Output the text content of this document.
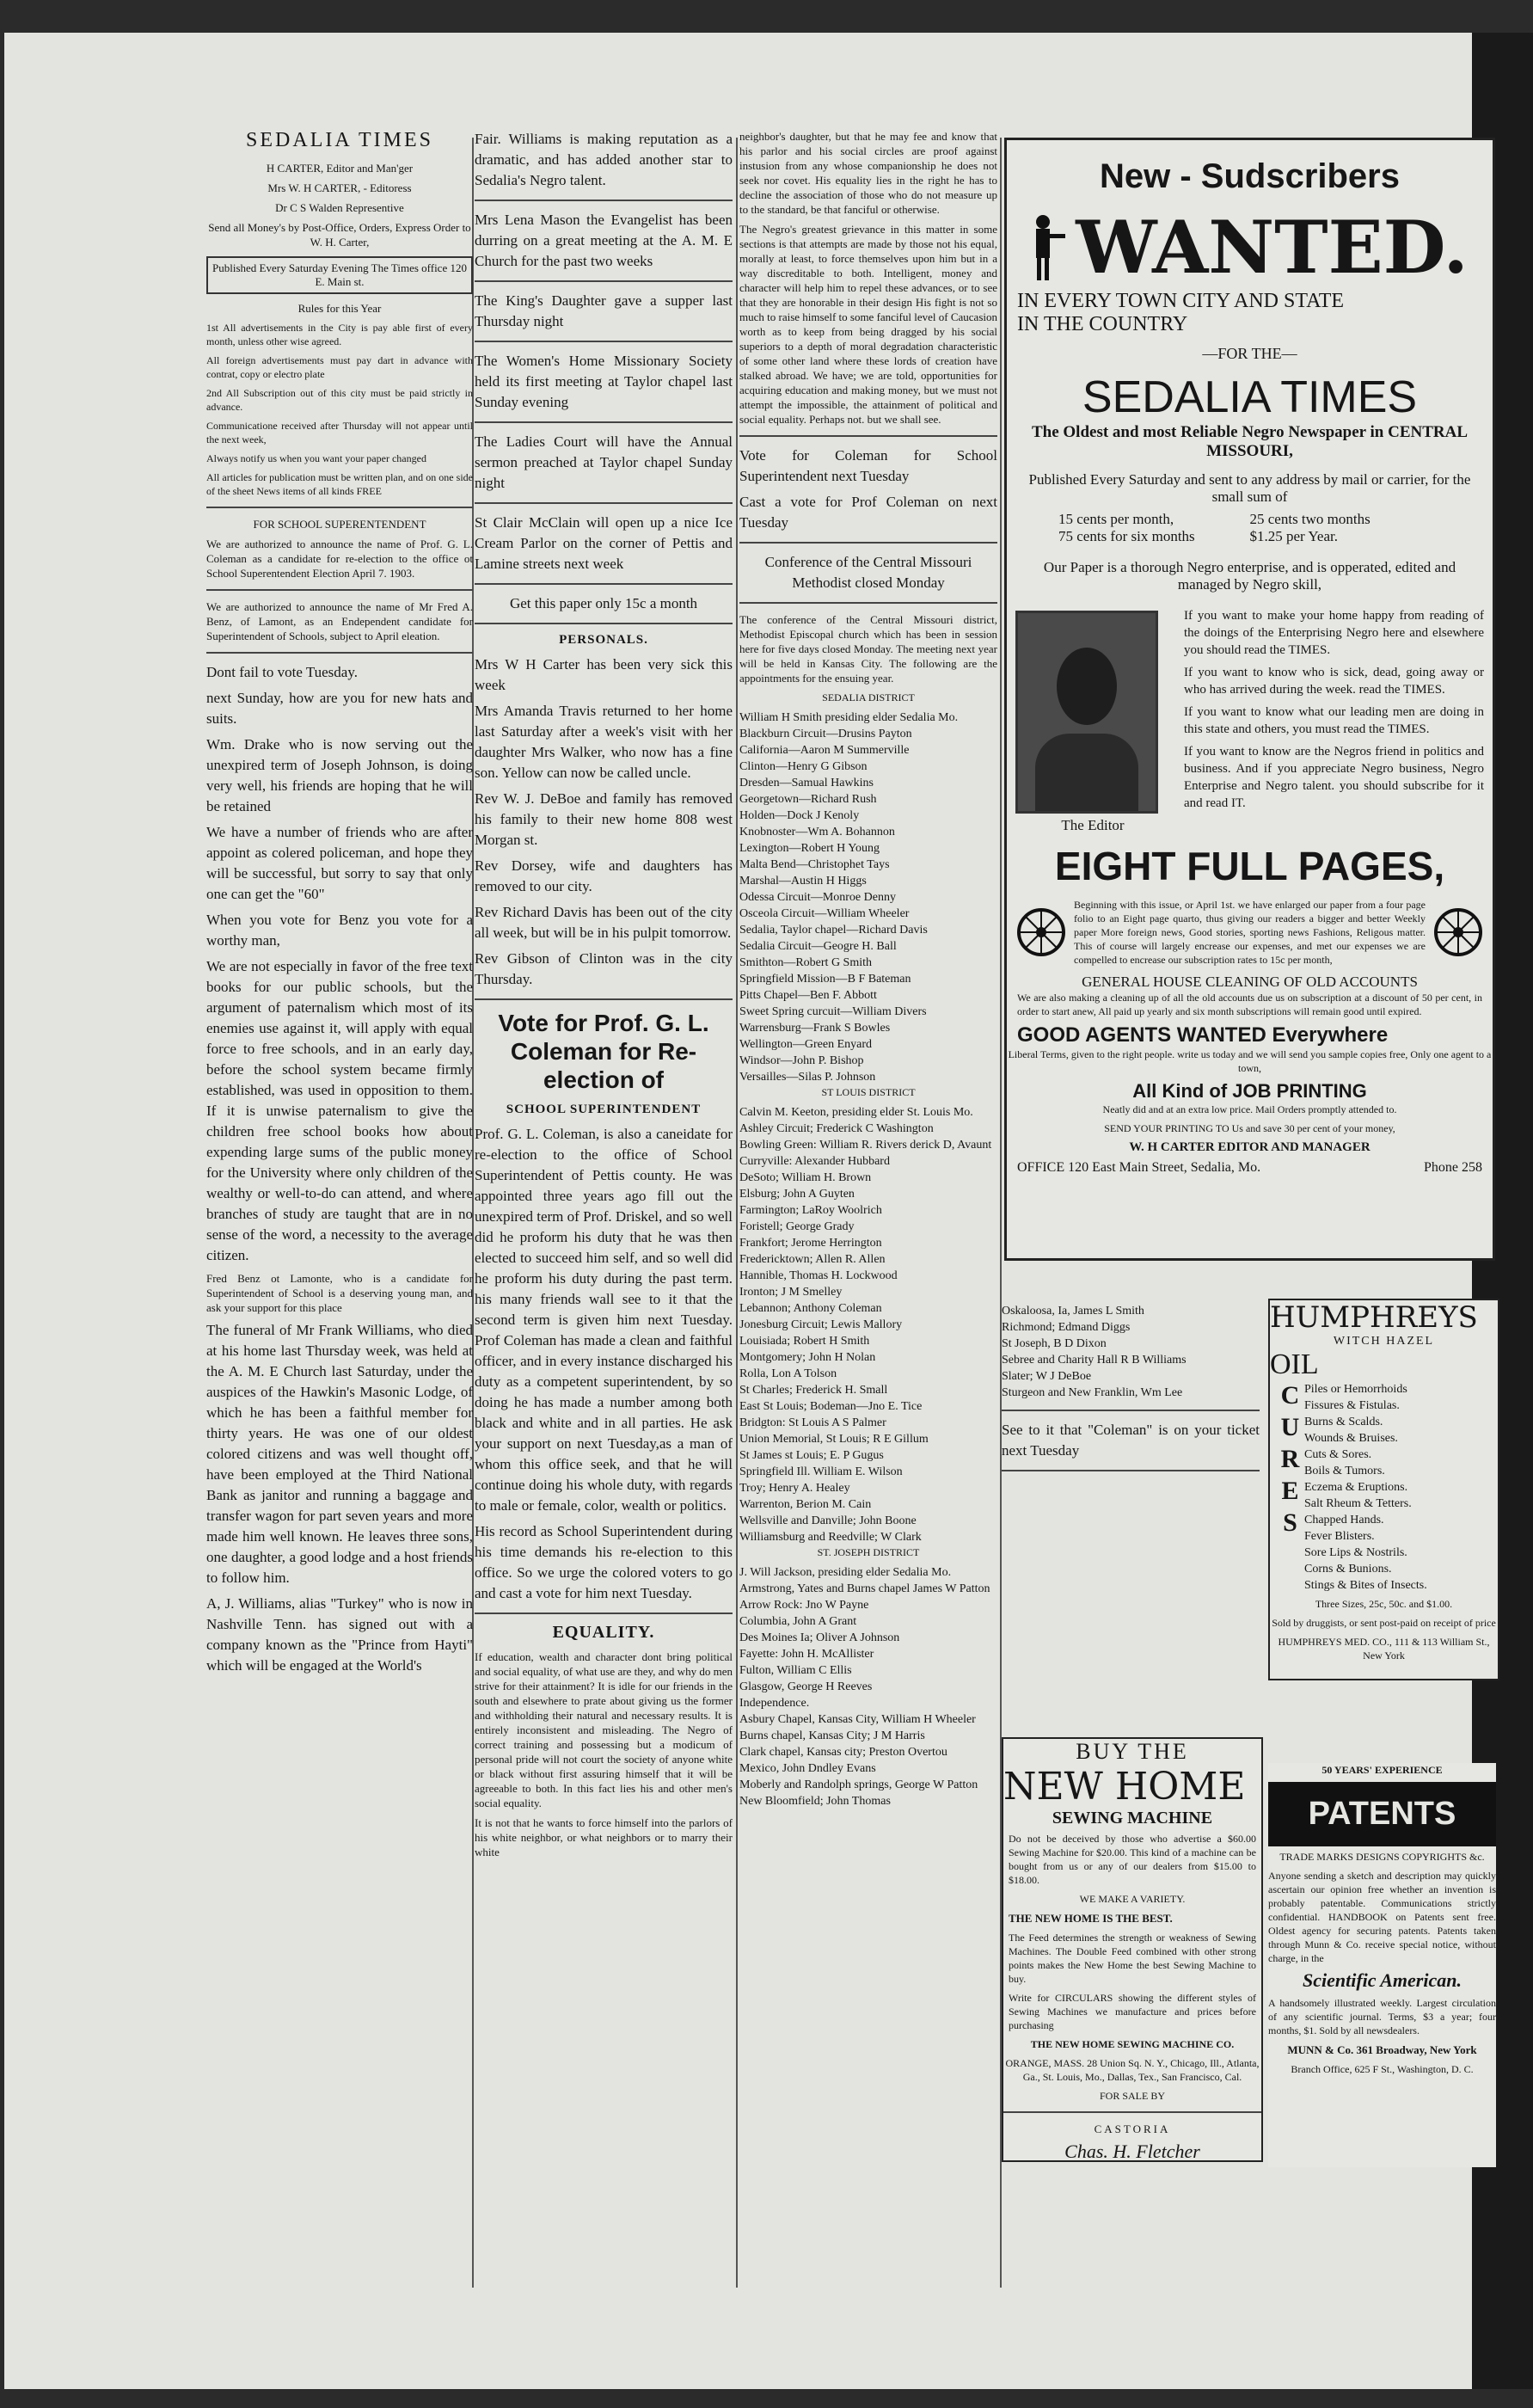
SEDALIA TIMES

H CARTER, Editor and Man'ger

Mrs W. H CARTER, - Editoress

Dr C S Walden Representive

Send all Money's by Post-Office, Orders, Express Order to W. H. Carter,

Published Every Saturday Evening The Times office 120 E. Main st.

Rules for this Year

1st All advertisements in the City is pay able first of every month, unless other wise agreed.

All foreign advertisements must pay dart in advance with contrat, copy or electro plate

2nd All Subscription out of this city must be paid strictly in advance.

Communicatione received after Thursday will not appear until the next week,

Always notify us when you want your paper changed

All articles for publication must be written plan, and on one side of the sheet News items of all kinds FREE

FOR SCHOOL SUPERENTENDENT

We are authorized to announce the name of Prof. G. L. Coleman as a candidate for re-election to the office ot School Superentendent Election April 7. 1903.

We are authorized to announce the name of Mr Fred A. Benz, of Lamont, as an Endependent candidate for Superintendent of Schools, subject to April eleation.

Dont fail to vote Tuesday.

next Sunday, how are you for new hats and suits.

Wm. Drake who is now serving out the unexpired term of Joseph Johnson, is doing very well, his friends are hoping that he will be retained

We have a number of friends who are after appoint as colered policeman, and hope they will be successful, but sorry to say that only one can get the "60"

When you vote for Benz you vote for a worthy man,

We are not especially in favor of the free text books for our public schools, but the argument of paternalism which most of its enemies use against it, will apply with equal force to free schools, and in an early day, before the school system became firmly established, was used in opposition to them. If it is unwise paternalism to give the children free school books how about expending large sums of the public money for the University where only children of the wealthy or well-to-do can attend, and where branches of study are taught that are in no sense of the word, a necessity to the average citizen.

Fred Benz ot Lamonte, who is a candidate for Superintendent of School is a deserving young man, and ask your support for this place

The funeral of Mr Frank Williams, who died at his home last Thursday week, was held at the A. M. E Church last Saturday, under the auspices of the Hawkin's Masonic Lodge, of which he has been a faithful member for thirty years. He was one of our oldest colored citizens and was well thought off, have been employed at the Third National Bank as janitor and running a baggage and transfer wagon for part seven years and more made him well known. He leaves three sons, one daughter, a good lodge and a host friends to follow him.

A, J. Williams, alias "Turkey" who is now in Nashville Tenn. has signed out with a company known as the "Prince from Hayti" which will be engaged at the World's

Fair. Williams is making reputation as a dramatic, and has added another star to Sedalia's Negro talent.

Mrs Lena Mason the Evangelist has been durring on a great meeting at the A. M. E Church for the past two weeks

The King's Daughter gave a supper last Thursday night

The Women's Home Missionary Society held its first meeting at Taylor chapel last Sunday evening

The Ladies Court will have the Annual sermon preached at Taylor chapel Sunday night

St Clair McClain will open up a nice Ice Cream Parlor on the corner of Pettis and Lamine streets next week

Get this paper only 15c a month

PERSONALS.

Mrs W H Carter has been very sick this week

Mrs Amanda Travis returned to her home last Saturday after a week's visit with her daughter Mrs Walker, who now has a fine son. Yellow can now be called uncle.

Rev W. J. DeBoe and family has removed his family to their new home 808 west Morgan st.

Rev Dorsey, wife and daughters has removed to our city.

Rev Richard Davis has been out of the city all week, but will be in his pulpit tomorrow.

Rev Gibson of Clinton was in the city Thursday.

Vote for Prof. G. L. Coleman for Re-election of
SCHOOL SUPERINTENDENT

Prof. G. L. Coleman, is also a caneidate for re-election to the office of School Superintendent of Pettis county. He was appointed three years ago fill out the unexpired term of Prof. Driskel, and so well did he proform his duty that he was then elected to succeed him self, and so well did he proform his duty during the past term. his many friends wall see to it that the second term is given him next Tuesday. Prof Coleman has made a clean and faithful officer, and in every instance discharged his duty as a competent superintendent, by so doing he has made a number among both black and white and in all parties. He ask your support on next Tuesday,as a man of whom this office seek, and that he will continue doing his whole duty, with regards to male or female, color, wealth or politics.

His record as School Superintendent during his time demands his re-election to this office. So we urge the colored voters to go and cast a vote for him next Tuesday.

EQUALITY.

If education, wealth and character dont bring political and social equality, of what use are they, and why do men strive for their attainment? It is idle for our friends in the south and elsewhere to prate about giving us the former and withholding their natural and necessary results. It is entirely inconsistent and misleading. The Negro of correct training and possessing but a modicum of personal pride will not court the society of anyone white or black without first assuring himself that it will be agreeable to both. In this fact lies his and other men's social equality.

It is not that he wants to force himself into the parlors of his white neighbor, or what neighbors or to marry their white

neighbor's daughter, but that he may fee and know that his parlor and his social circles are proof against instusion from any whose companionship he does not seek nor covet. His equality lies in the right he has to decline the association of those who do not measure up to the standard, be that fanciful or otherwise.

The Negro's greatest grievance in this matter in some sections is that attempts are made by those not his equal, morally at least, to force themselves upon him but in a way discreditable to both. Intelligent, money and character will help him to repel these advances, or to see that they are honorable in their design His fight is not so much to raise himself to some fanciful level of Caucasion worth as to keep from being dragged by his social superiors to a depth of moral degradation characteristic of some other land where these lords of creation have stalked abroad. We have; we are told, opportunities for acquiring education and making money, but we must not attempt the impossible, the attainment of political and social equality. Perhaps not. but we shall see.

Vote for Coleman for School Superintendent next Tuesday

Cast a vote for Prof Coleman on next Tuesday

Conference of the Central Missouri Methodist closed Monday

The conference of the Central Missouri district, Methodist Episcopal church which has been in session here for five days closed Monday. The meeting next year will be held in Kansas City. The following are the appointments for the ensuing year.

SEDALIA DISTRICT

William H Smith presiding elder Sedalia Mo.

Blackburn Circuit—Drusins Payton

California—Aaron M Summerville

Clinton—Henry G Gibson

Dresden—Samual Hawkins

Georgetown—Richard Rush

Holden—Dock J Kenoly

Knobnoster—Wm A. Bohannon

Lexington—Robert H Young

Malta Bend—Christophet Tays

Marshal—Austin H Higgs

Odessa Circuit—Monroe Denny

Osceola Circuit—William Wheeler

Sedalia, Taylor chapel—Richard Davis

Sedalia Circuit—Geogre H. Ball

Smithton—Robert G Smith

Springfield Mission—B F Bateman

Pitts Chapel—Ben F. Abbott

Sweet Spring curcuit—William Divers

Warrensburg—Frank S Bowles

Wellington—Green Enyard

Windsor—John P. Bishop

Versailles—Silas P. Johnson

ST LOUIS DISTRICT

Calvin M. Keeton, presiding elder St. Louis Mo.

Ashley Circuit; Frederick C Washington

Bowling Green: William R. Rivers derick D, Avaunt

Curryville: Alexander Hubbard

DeSoto; William H. Brown

Elsburg; John A Guyten

Farmington; LaRoy Woolrich

Foristell; George Grady

Frankfort; Jerome Herrington

Fredericktown; Allen R. Allen

Hannible, Thomas H. Lockwood

Ironton; J M Smelley

Lebannon; Anthony Coleman

Jonesburg Circuit; Lewis Mallory

Louisiada; Robert H Smith

Montgomery; John H Nolan

Rolla, Lon A Tolson

St Charles; Frederick H. Small

East St Louis; Bodeman—Jno E. Tice

Bridgton: St Louis A S Palmer

Union Memorial, St Louis; R E Gillum

St James st Louis; E. P Gugus

Springfield Ill. William E. Wilson

Troy; Henry A. Healey

Warrenton, Berion M. Cain

Wellsville and Danville; John Boone

Williamsburg and Reedville; W Clark

ST. JOSEPH DISTRICT

J. Will Jackson, presiding elder Sedalia Mo.

Armstrong, Yates and Burns chapel James W Patton

Arrow Rock: Jno W Payne

Columbia, John A Grant

Des Moines Ia; Oliver A Johnson

Fayette: John H. McAllister

Fulton, William C Ellis

Glasgow, George H Reeves

Independence.

Asbury Chapel, Kansas City, William H Wheeler

Burns chapel, Kansas City; J M Harris

Clark chapel, Kansas city; Preston Overtou

Mexico, John Dndley Evans

Moberly and Randolph springs, George W Patton

New Bloomfield; John Thomas

New - Sudscribers
WANTED.
IN EVERY TOWN CITY AND STATE
IN THE COUNTRY
—FOR THE—
SEDALIA TIMES
The Oldest and most Reliable Negro Newspaper in CENTRAL MISSOURI,
Published Every Saturday and sent to any address by mail or carrier, for the small sum of
15 cents per month,	25 cents two months
75 cents for six months	$1.25 per Year.
Our Paper is a thorough Negro enterprise, and is opperated, edited and managed by Negro skill,
The Editor

If you want to make your home happy from reading of the doings of the Enterprising Negro here and elsewhere you should read the TIMES.

If you want to know who is sick, dead, going away or who has arrived during the week. read the TIMES.

If you want to know what our leading men are doing in this state and others, you must read the TIMES.

If you want to know are the Negros friend in politics and business. And if you appreciate Negro business, Negro Enterprise and Negro talent. you should subscribe for it and read IT.

EIGHT FULL PAGES,

Beginning with this issue, or April 1st. we have enlarged our paper from a four page folio to an Eight page quarto, thus giving our readers a bigger and better Weekly paper More foreign news, Good stories, sporting news Fashions, Religous matter. This of course will largely encrease our expenses, and met our expenses we are compelled to encrease our subscription rates to 15c per month,

GENERAL HOUSE CLEANING OF OLD ACCOUNTS

We are also making a cleaning up of all the old accounts due us on subscription at a discount of 50 per cent, in order to start anew, All paid up yearly and six month subscriptions will remain good until expired.

GOOD AGENTS WANTED Everywhere

Liberal Terms, given to the right people. write us today and we will send you sample copies free, Only one agent to a town,

All Kind of JOB PRINTING

Neatly did and at an extra low price. Mail Orders promptly attended to.

SEND YOUR PRINTING TO Us and save 30 per cent of your money,

W. H CARTER EDITOR AND MANAGER
OFFICE 120 East Main Street, Sedalia, Mo.	Phone 258

Oskaloosa, Ia, James L Smith

Richmond; Edmand Diggs

St Joseph, B D Dixon

Sebree and Charity Hall R B Williams

Slater; W J DeBoe

Sturgeon and New Franklin, Wm Lee

See to it that "Coleman" is on your ticket next Tuesday

HUMPHREYS
WITCH HAZEL
OIL
CURES Piles or Hemorrhoids

Fissures & Fistulas.

Burns & Scalds.

Wounds & Bruises.

Cuts & Sores.

Boils & Tumors.

Eczema & Eruptions.

Salt Rheum & Tetters.

Chapped Hands.

Fever Blisters.

Sore Lips & Nostrils.

Corns & Bunions.

Stings & Bites of Insects.

Three Sizes, 25c, 50c. and $1.00.

Sold by druggists, or sent post-paid on receipt of price

HUMPHREYS MED. CO., 111 & 113 William St., New York

BUY THE
NEW HOME
SEWING MACHINE

Do not be deceived by those who advertise a $60.00 Sewing Machine for $20.00. This kind of a machine can be bought from us or any of our dealers from $15.00 to $18.00.

WE MAKE A VARIETY.

THE NEW HOME IS THE BEST.

The Feed determines the strength or weakness of Sewing Machines. The Double Feed combined with other strong points makes the New Home the best Sewing Machine to buy.

Write for CIRCULARS showing the different styles of Sewing Machines we manufacture and prices before purchasing

THE NEW HOME SEWING MACHINE CO.

ORANGE, MASS. 28 Union Sq. N. Y., Chicago, Ill., Atlanta, Ga., St. Louis, Mo., Dallas, Tex., San Francisco, Cal.

FOR SALE BY

CASTORIA

Chas. H. Fletcher

50 YEARS' EXPERIENCE

PATENTS

TRADE MARKS DESIGNS COPYRIGHTS &c.

Anyone sending a sketch and description may quickly ascertain our opinion free whether an invention is probably patentable. Communications strictly confidential. HANDBOOK on Patents sent free. Oldest agency for securing patents. Patents taken through Munn & Co. receive special notice, without charge, in the

Scientific American.

A handsomely illustrated weekly. Largest circulation of any scientific journal. Terms, $3 a year; four months, $1. Sold by all newsdealers.

MUNN & Co. 361 Broadway, New York

Branch Office, 625 F St., Washington, D. C.
